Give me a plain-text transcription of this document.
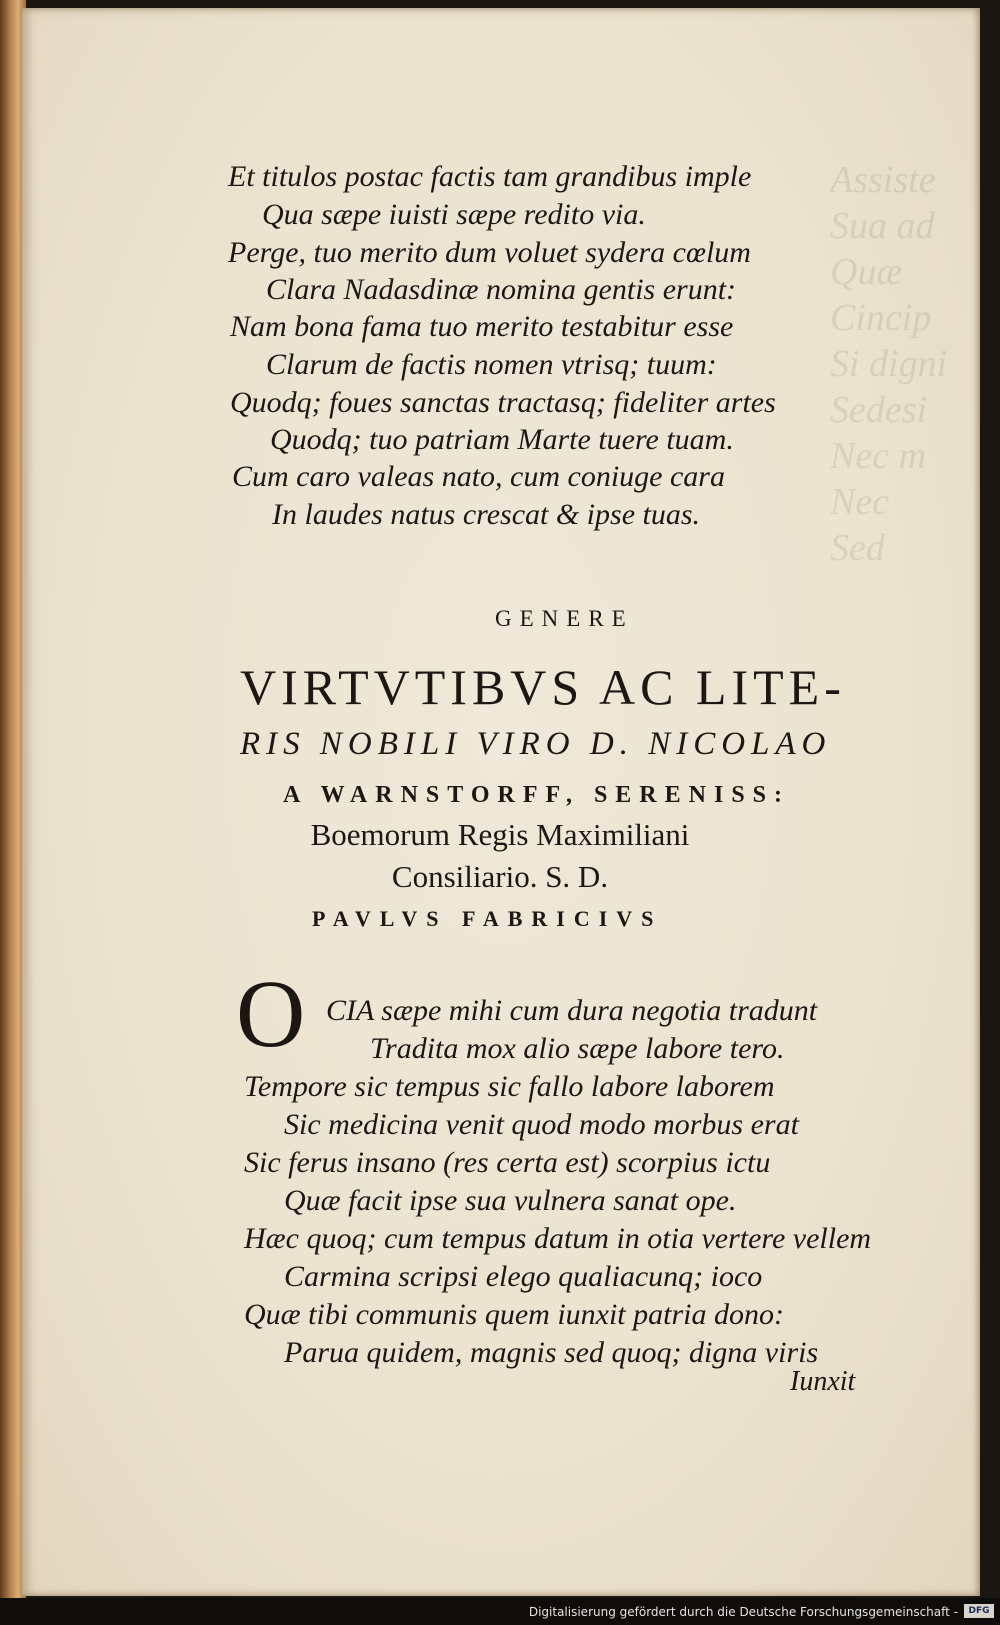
Assiste
Sua ad
Quæ
Cincip
Si digni
Sedesi
Nec m
Nec
Sed
Et titulos postac factis tam grandibus imple
Qua sæpe iuisti sæpe redito via.
Perge, tuo merito dum voluet sydera cœlum
Clara Nadasdinæ nomina gentis erunt:
Nam bona fama tuo merito testabitur esse
Clarum de factis nomen vtrisq; tuum:
Quodq; foues sanctas tractasq; fideliter artes
Quodq; tuo patriam Marte tuere tuam.
Cum caro valeas nato, cum coniuge cara
In laudes natus crescat & ipse tuas.
GENERE
VIRTVTIBVS AC LITE-
RIS NOBILI VIRO D. NICOLAO
A WARNSTORFF, SERENISS:
Boemorum Regis Maximiliani
Consiliario. S. D.
PAVLVS FABRICIVS
O CIA sæpe mihi cum dura negotia tradunt
Tradita mox alio sæpe labore tero.
Tempore sic tempus sic fallo labore laborem
Sic medicina venit quod modo morbus erat
Sic ferus insano (res certa est) scorpius ictu
Quæ facit ipse sua vulnera sanat ope.
Hæc quoq; cum tempus datum in otia vertere vellem
Carmina scripsi elego qualiacunq; ioco
Quæ tibi communis quem iunxit patria dono:
Parua quidem, magnis sed quoq; digna viris
Iunxit
Digitalisierung gefördert durch die Deutsche Forschungsgemeinschaft -	DFG
